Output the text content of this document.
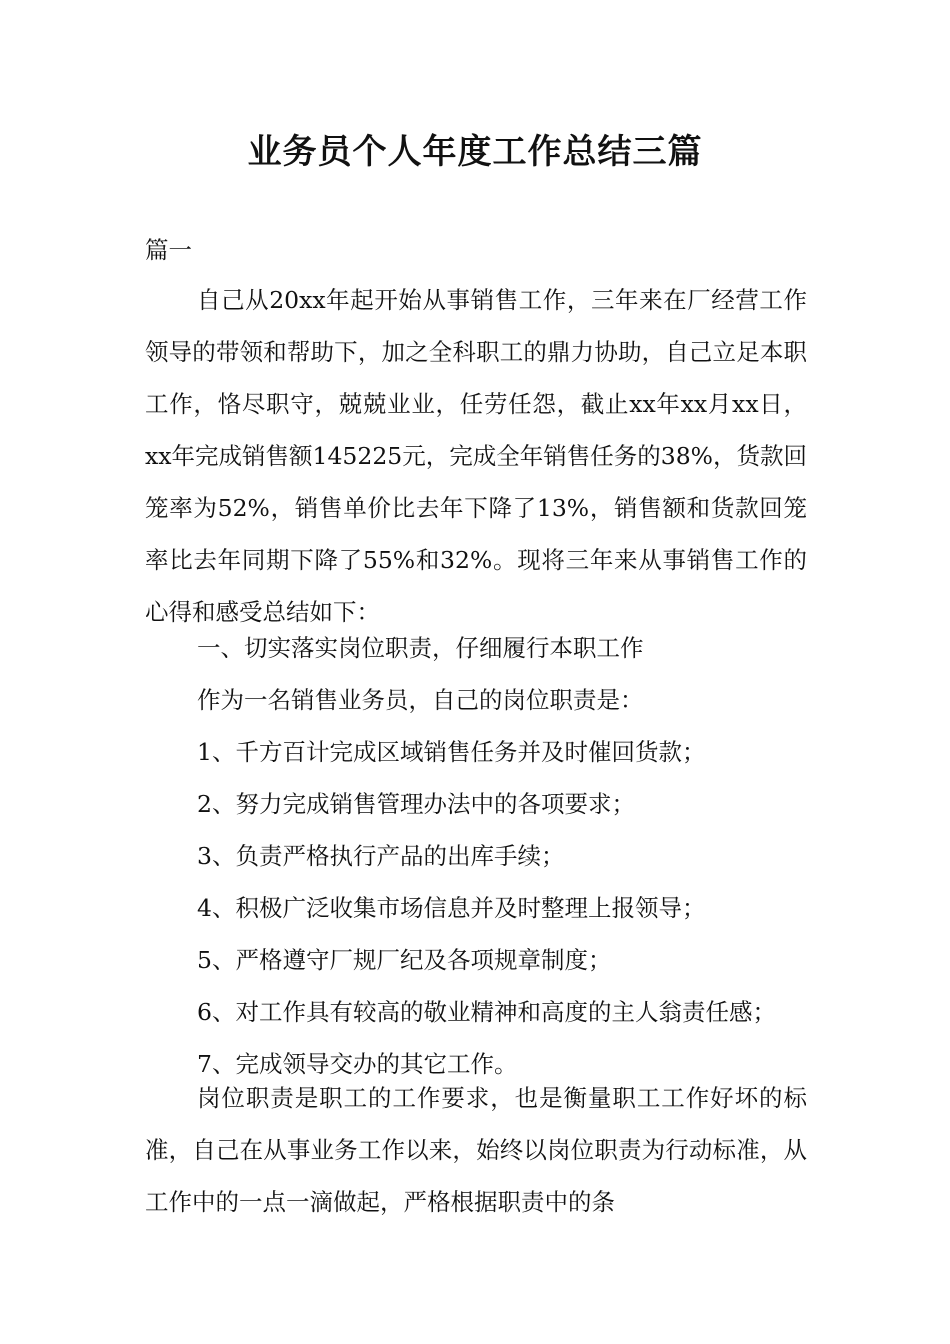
业务员个人年度工作总结三篇
篇一
自己从20xx年起开始从事销售工作，三年来在厂经营工作领导的带领和帮助下，加之全科职工的鼎力协助，自己立足本职工作，恪尽职守，兢兢业业，任劳任怨，截止xx年xx月xx日，xx年完成销售额145225元，完成全年销售任务的38%，货款回笼率为52%，销售单价比去年下降了13%，销售额和货款回笼率比去年同期下降了55%和32%。现将三年来从事销售工作的心得和感受总结如下：
一、切实落实岗位职责，仔细履行本职工作
作为一名销售业务员，自己的岗位职责是：
1、千方百计完成区域销售任务并及时催回货款；
2、努力完成销售管理办法中的各项要求；
3、负责严格执行产品的出库手续；
4、积极广泛收集市场信息并及时整理上报领导；
5、严格遵守厂规厂纪及各项规章制度；
6、对工作具有较高的敬业精神和高度的主人翁责任感；
7、完成领导交办的其它工作。
岗位职责是职工的工作要求，也是衡量职工工作好坏的标准，自己在从事业务工作以来，始终以岗位职责为行动标准，从工作中的一点一滴做起，严格根据职责中的条
